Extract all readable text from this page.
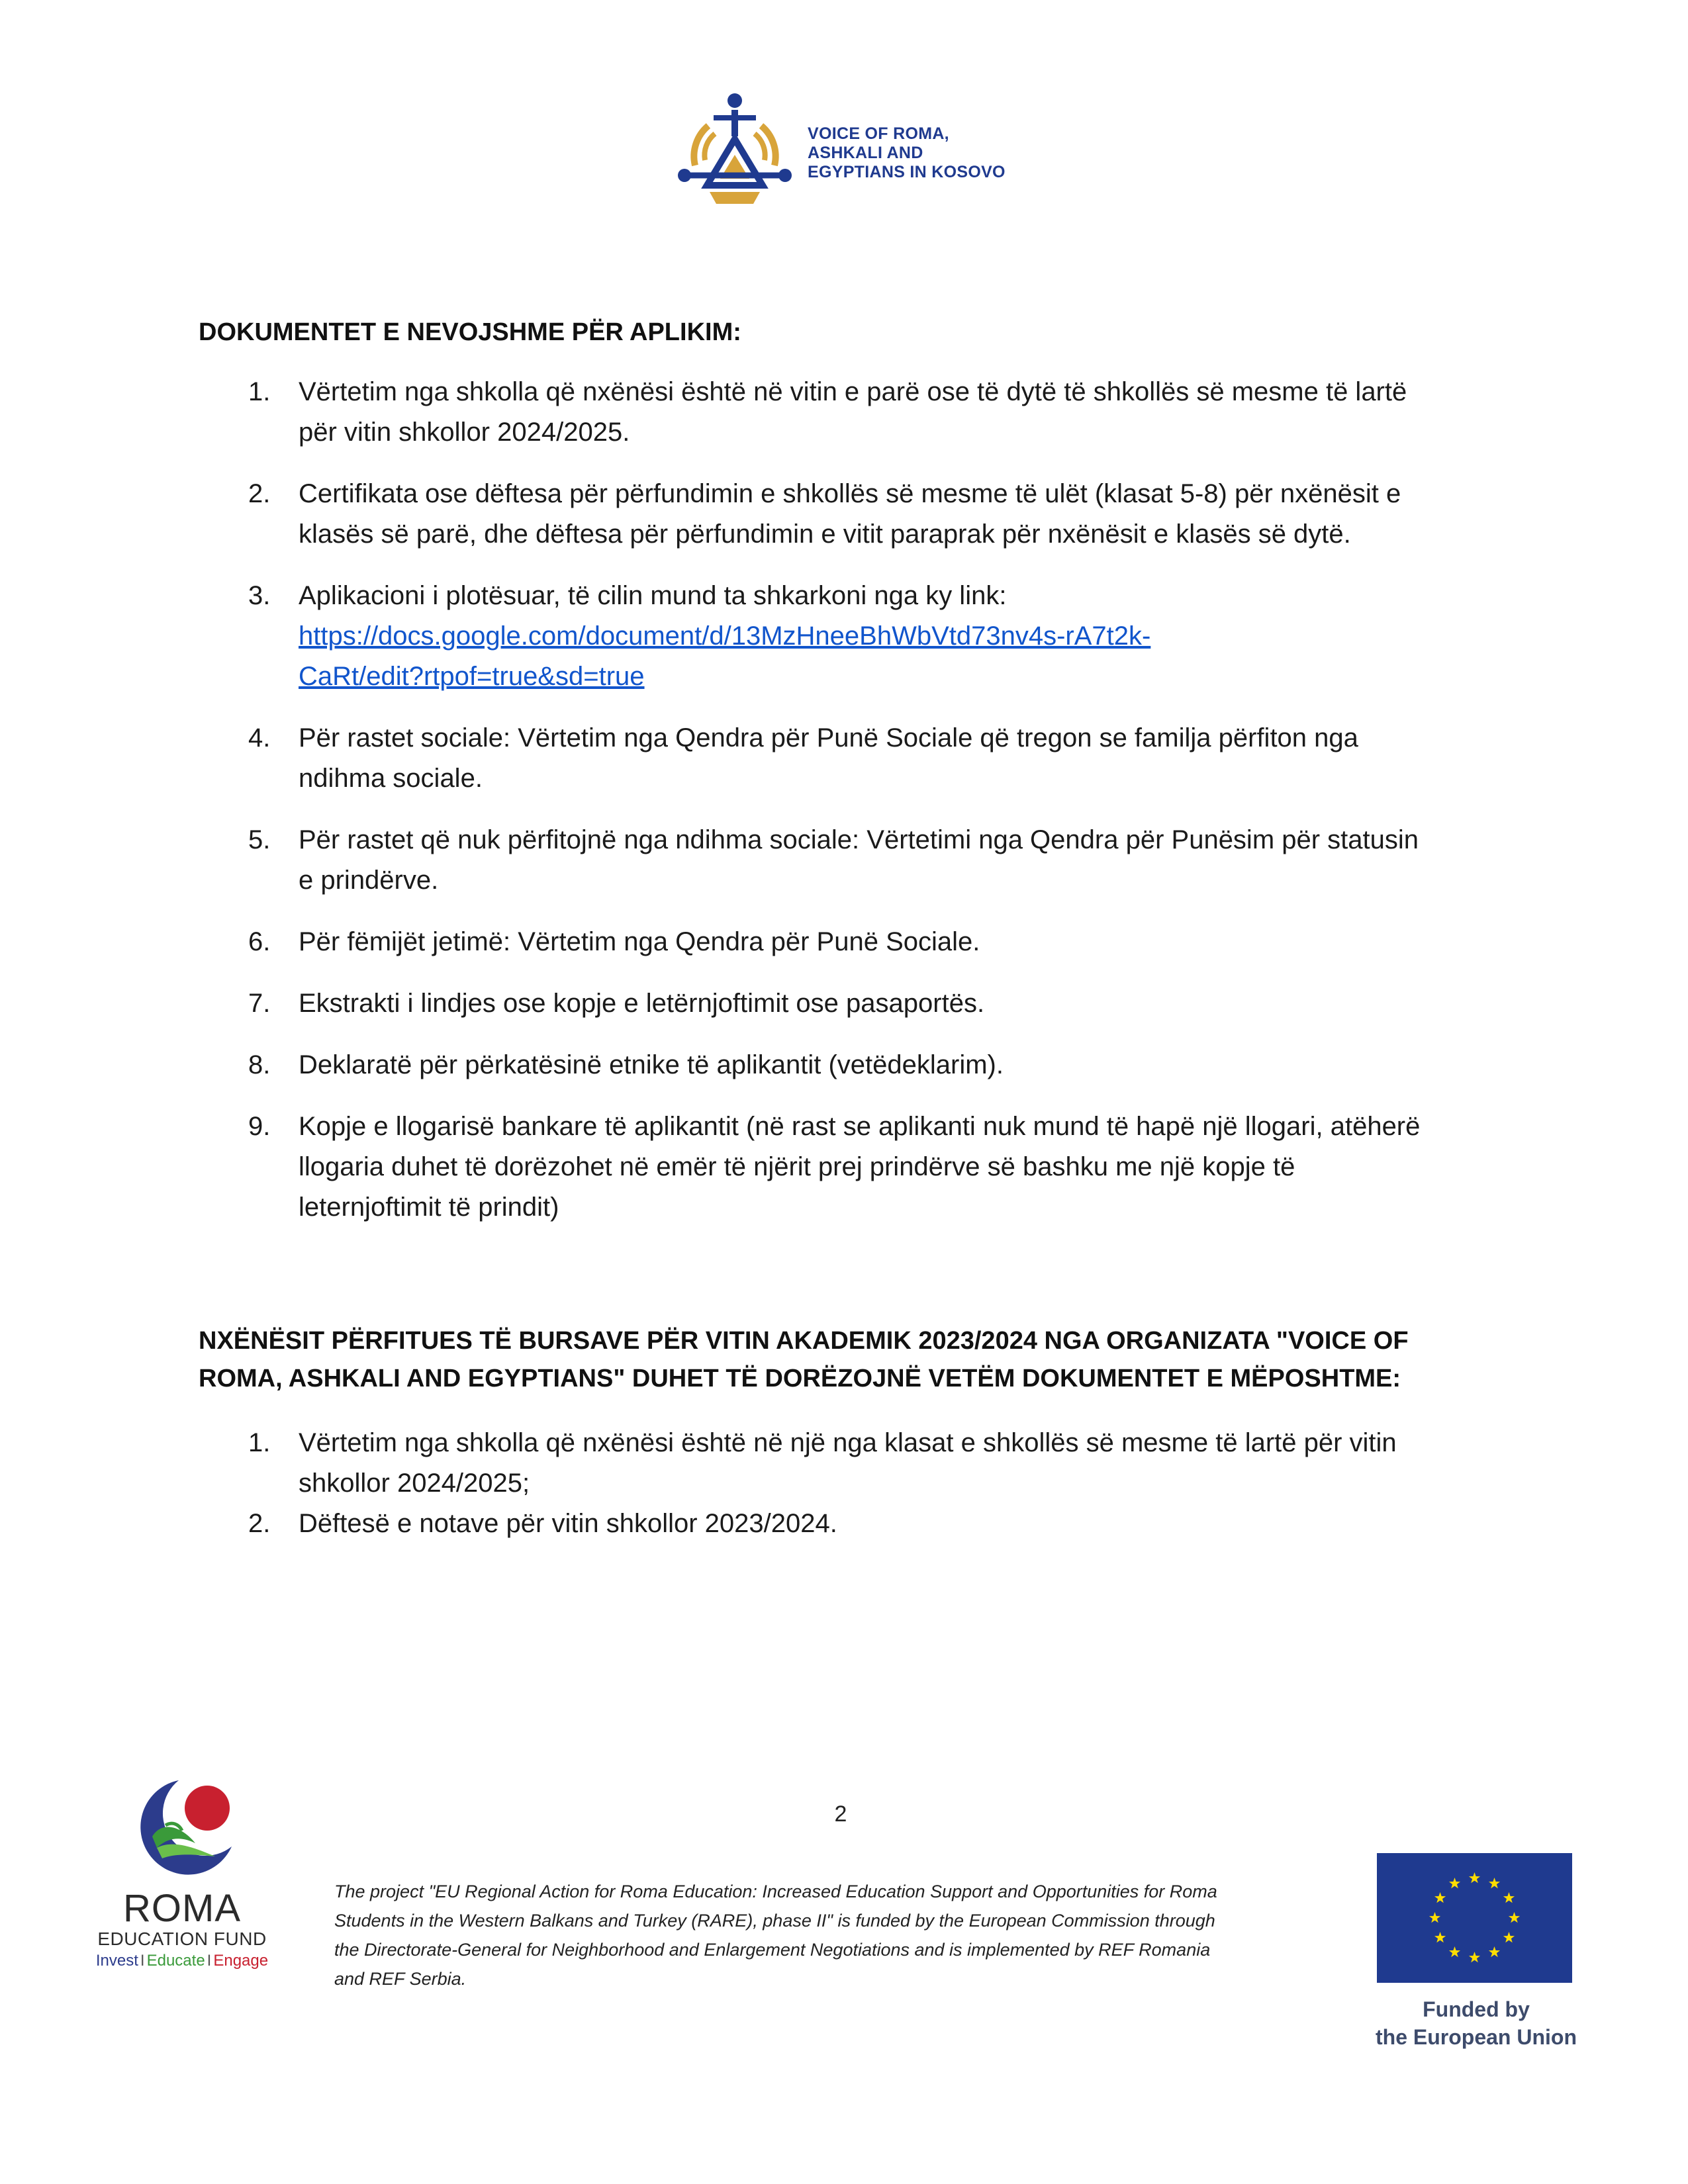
VOICE OF ROMA,
ASHKALI AND
EGYPTIANS IN KOSOVO
DOKUMENTET E NEVOJSHME PËR APLIKIM:
1.	Vërtetim nga shkolla që nxënësi është në vitin e parë ose të dytë të shkollës së mesme të lartë
për vitin shkollor 2024/2025.
2.	Certifikata ose dëftesa për përfundimin e shkollës së mesme të ulët (klasat 5-8) për nxënësit e
klasës së parë, dhe dëftesa për përfundimin e vitit paraprak për nxënësit e klasës së dytë.
3.	Aplikacioni i plotësuar, të cilin mund ta shkarkoni nga ky link:
https://docs.google.com/document/d/13MzHneeBhWbVtd73nv4s-rA7t2k-
CaRt/edit?rtpof=true&sd=true
4.	Për rastet sociale: Vërtetim nga Qendra për Punë Sociale që tregon se familja përfiton nga
ndihma sociale.
5.	Për rastet që nuk përfitojnë nga ndihma sociale: Vërtetimi nga Qendra për Punësim për statusin
e prindërve.
6.	Për fëmijët jetimë: Vërtetim nga Qendra për Punë Sociale.
7.	Ekstrakti i lindjes ose kopje e letërnjoftimit ose pasaportës.
8.	Deklaratë për përkatësinë etnike të aplikantit (vetëdeklarim).
9.	Kopje e llogarisë bankare të aplikantit (në rast se aplikanti nuk mund të hapë një llogari, atëherë
llogaria duhet të dorëzohet në emër të njërit prej prindërve së bashku me një kopje të
leternjoftimit të prindit)
NXËNËSIT PËRFITUES TË BURSAVE PËR VITIN AKADEMIK 2023/2024 NGA ORGANIZATA "VOICE OF
ROMA, ASHKALI AND EGYPTIANS" DUHET TË DORËZOJNË VETËM DOKUMENTET E MËPOSHTME:
1.	Vërtetim nga shkolla që nxënësi është në një nga klasat e shkollës së mesme të lartë për vitin
shkollor 2024/2025;
2.	Dëftesë e notave për vitin shkollor 2023/2024.
2
ROMA
EDUCATION FUND
Invest I Educate I Engage
The project "EU Regional Action for Roma Education: Increased Education Support and Opportunities for Roma
Students in the Western Balkans and Turkey (RARE), phase II" is funded by the European Commission through
the Directorate-General for Neighborhood and Enlargement Negotiations and is implemented by REF Romania
and REF Serbia.
Funded by
the European Union
